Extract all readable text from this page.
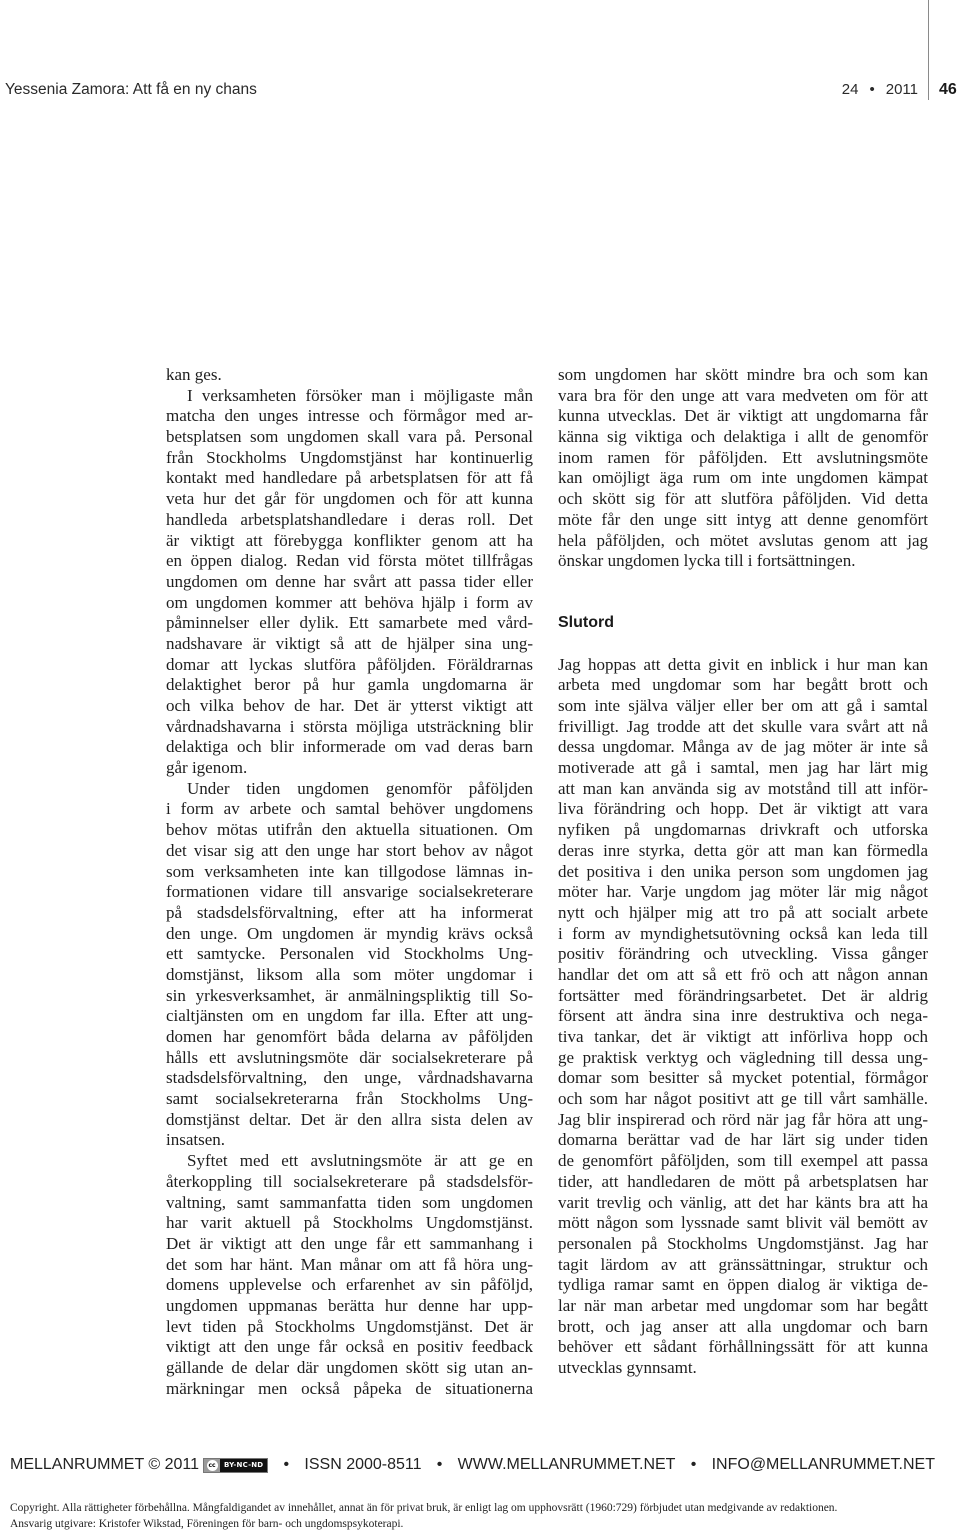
Yessenia Zamora: Att få en ny chans	24 • 2011 46
kan ges.
I verksamheten försöker man i möjligaste mån
matcha den unges intresse och förmågor med ar-
betsplatsen som ungdomen skall vara på. Personal
från Stockholms Ungdomstjänst har kontinuerlig
kontakt med handledare på arbetsplatsen för att få
veta hur det går för ungdomen och för att kunna
handleda arbetsplatshandledare i deras roll. Det
är viktigt att förebygga konflikter genom att ha
en öppen dialog. Redan vid första mötet tillfrågas
ungdomen om denne har svårt att passa tider eller
om ungdomen kommer att behöva hjälp i form av
påminnelser eller dylik. Ett samarbete med vård-
nadshavare är viktigt så att de hjälper sina ung-
domar att lyckas slutföra påföljden. Föräldrarnas
delaktighet beror på hur gamla ungdomarna är
och vilka behov de har. Det är ytterst viktigt att
vårdnadshavarna i största möjliga utsträckning blir
delaktiga och blir informerade om vad deras barn
går igenom.
Under tiden ungdomen genomför påföljden
i form av arbete och samtal behöver ungdomens
behov mötas utifrån den aktuella situationen. Om
det visar sig att den unge har stort behov av något
som verksamheten inte kan tillgodose lämnas in-
formationen vidare till ansvarige socialsekreterare
på stadsdelsförvaltning, efter att ha informerat
den unge. Om ungdomen är myndig krävs också
ett samtycke. Personalen vid Stockholms Ung-
domstjänst, liksom alla som möter ungdomar i
sin yrkesverksamhet, är anmälningspliktig till So-
cialtjänsten om en ungdom far illa. Efter att ung-
domen har genomfört båda delarna av påföljden
hålls ett avslutningsmöte där socialsekreterare på
stadsdelsförvaltning, den unge, vårdnadshavarna
samt socialsekreterarna från Stockholms Ung-
domstjänst deltar. Det är den allra sista delen av
insatsen.
Syftet med ett avslutningsmöte är att ge en
återkoppling till socialsekreterare på stadsdelsför-
valtning, samt sammanfatta tiden som ungdomen
har varit aktuell på Stockholms Ungdomstjänst.
Det är viktigt att den unge får ett sammanhang i
det som har hänt. Man månar om att få höra ung-
domens upplevelse och erfarenhet av sin påföljd,
ungdomen uppmanas berätta hur denne har upp-
levt tiden på Stockholms Ungdomstjänst. Det är
viktigt att den unge får också en positiv feedback
gällande de delar där ungdomen skött sig utan an-
märkningar men också påpeka de situationerna
som ungdomen har skött mindre bra och som kan
vara bra för den unge att vara medveten om för att
kunna utvecklas. Det är viktigt att ungdomarna får
känna sig viktiga och delaktiga i allt de genomför
inom ramen för påföljden. Ett avslutningsmöte
kan omöjligt äga rum om inte ungdomen kämpat
och skött sig för att slutföra påföljden. Vid detta
möte får den unge sitt intyg att denne genomfört
hela påföljden, och mötet avslutas genom att jag
önskar ungdomen lycka till i fortsättningen.
Slutord
Jag hoppas att detta givit en inblick i hur man kan
arbeta med ungdomar som har begått brott och
som inte själva väljer eller ber om att gå i samtal
frivilligt. Jag trodde att det skulle vara svårt att nå
dessa ungdomar. Många av de jag möter är inte så
motiverade att gå i samtal, men jag har lärt mig
att man kan använda sig av motstånd till att inför-
liva förändring och hopp. Det är viktigt att vara
nyfiken på ungdomarnas drivkraft och utforska
deras inre styrka, detta gör att man kan förmedla
det positiva i den unika person som ungdomen jag
möter har. Varje ungdom jag möter lär mig något
nytt och hjälper mig att tro på att socialt arbete
i form av myndighetsutövning också kan leda till
positiv förändring och utveckling. Vissa gånger
handlar det om att så ett frö och att någon annan
fortsätter med förändringsarbetet. Det är aldrig
försent att ändra sina inre destruktiva och nega-
tiva tankar, det är viktigt att införliva hopp och
ge praktisk verktyg och vägledning till dessa ung-
domar som besitter så mycket potential, förmågor
och som har något positivt att ge till vårt samhälle.
Jag blir inspirerad och rörd när jag får höra att ung-
domarna berättar vad de har lärt sig under tiden
de genomfört påföljden, som till exempel att passa
tider, att handledaren de mött på arbetsplatsen har
varit trevlig och vänlig, att det har känts bra att ha
mött någon som lyssnade samt blivit väl bemött av
personalen på Stockholms Ungdomstjänst. Jag har
tagit lärdom av att gränssättningar, struktur och
tydliga ramar samt en öppen dialog är viktiga de-
lar när man arbetar med ungdomar som har begått
brott, och jag anser att alla ungdomar och barn
behöver ett sådant förhållningssätt för att kunna
utvecklas gynnsamt.
MELLANRUMMET © 2011	cc	BY-NC-ND • ISSN 2000-8511 • WWW.MELLANRUMMET.NET • INFO@MELLANRUMMET.NET
Copyright. Alla rättigheter förbehållna. Mångfaldigandet av innehållet, annat än för privat bruk, är enligt lag om upphovsrätt (1960:729) förbjudet utan medgivande av redaktionen.
Ansvarig utgivare: Kristofer Wikstad, Föreningen för barn- och ungdomspsykoterapi.
